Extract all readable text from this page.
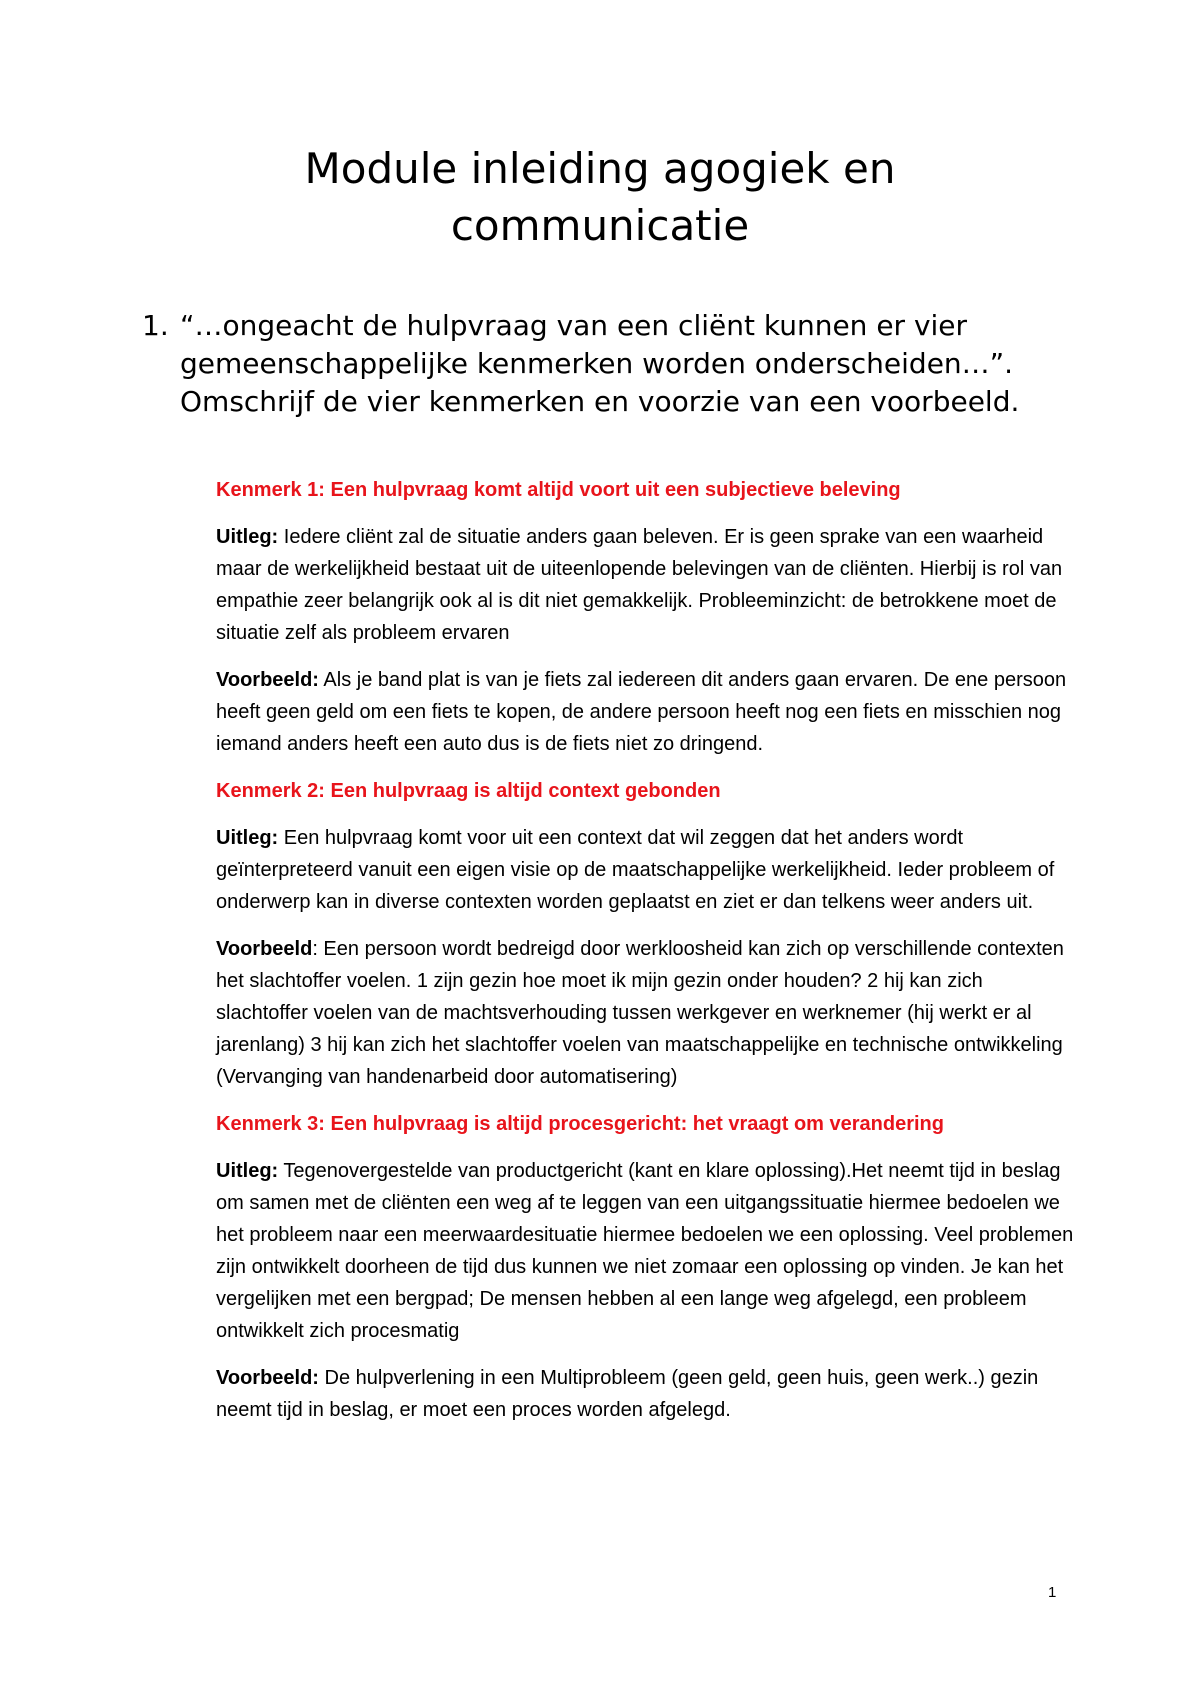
Module inleiding agogiek en
communicatie
1. “…ongeacht de hulpvraag van een cliënt kunnen er vier gemeenschappelijke kenmerken worden onderscheiden…”. Omschrijf de vier kenmerken en voorzie van een voorbeeld.
Kenmerk 1: Een hulpvraag komt altijd voort uit een subjectieve beleving
Uitleg: Iedere cliënt zal de situatie anders gaan beleven. Er is geen sprake van een waarheid maar de werkelijkheid bestaat uit de uiteenlopende belevingen van de cliënten. Hierbij is rol van empathie zeer belangrijk ook al is dit niet gemakkelijk. Probleeminzicht: de betrokkene moet de situatie zelf als probleem ervaren
Voorbeeld: Als je band plat is van je fiets zal iedereen dit anders gaan ervaren. De ene persoon heeft geen geld om een fiets te kopen, de andere persoon heeft nog een fiets en misschien nog iemand anders heeft een auto dus is de fiets niet zo dringend.
Kenmerk 2: Een hulpvraag is altijd context gebonden
Uitleg: Een hulpvraag komt voor uit een context dat wil zeggen dat het anders wordt geïnterpreteerd vanuit een eigen visie op de maatschappelijke werkelijkheid. Ieder probleem of onderwerp kan in diverse contexten worden geplaatst en ziet er dan telkens weer anders uit.
Voorbeeld: Een persoon wordt bedreigd door werkloosheid kan zich op verschillende contexten het slachtoffer voelen. 1 zijn gezin hoe moet ik mijn gezin onder houden? 2 hij kan zich slachtoffer voelen van de machtsverhouding tussen werkgever en werknemer (hij werkt er al jarenlang) 3 hij kan zich het slachtoffer voelen van maatschappelijke en technische ontwikkeling (Vervanging van handenarbeid door automatisering)
Kenmerk 3: Een hulpvraag is altijd procesgericht: het vraagt om verandering
Uitleg: Tegenovergestelde van productgericht (kant en klare oplossing).Het neemt tijd in beslag om samen met de cliënten een weg af te leggen van een uitgangssituatie hiermee bedoelen we het probleem naar een meerwaardesituatie hiermee bedoelen we een oplossing. Veel problemen zijn ontwikkelt doorheen de tijd dus kunnen we niet zomaar een oplossing op vinden. Je kan het vergelijken met een bergpad; De mensen hebben al een lange weg afgelegd, een probleem ontwikkelt zich procesmatig
Voorbeeld: De hulpverlening in een Multiprobleem (geen geld, geen huis, geen werk..) gezin neemt tijd in beslag, er moet een proces worden afgelegd.
1
